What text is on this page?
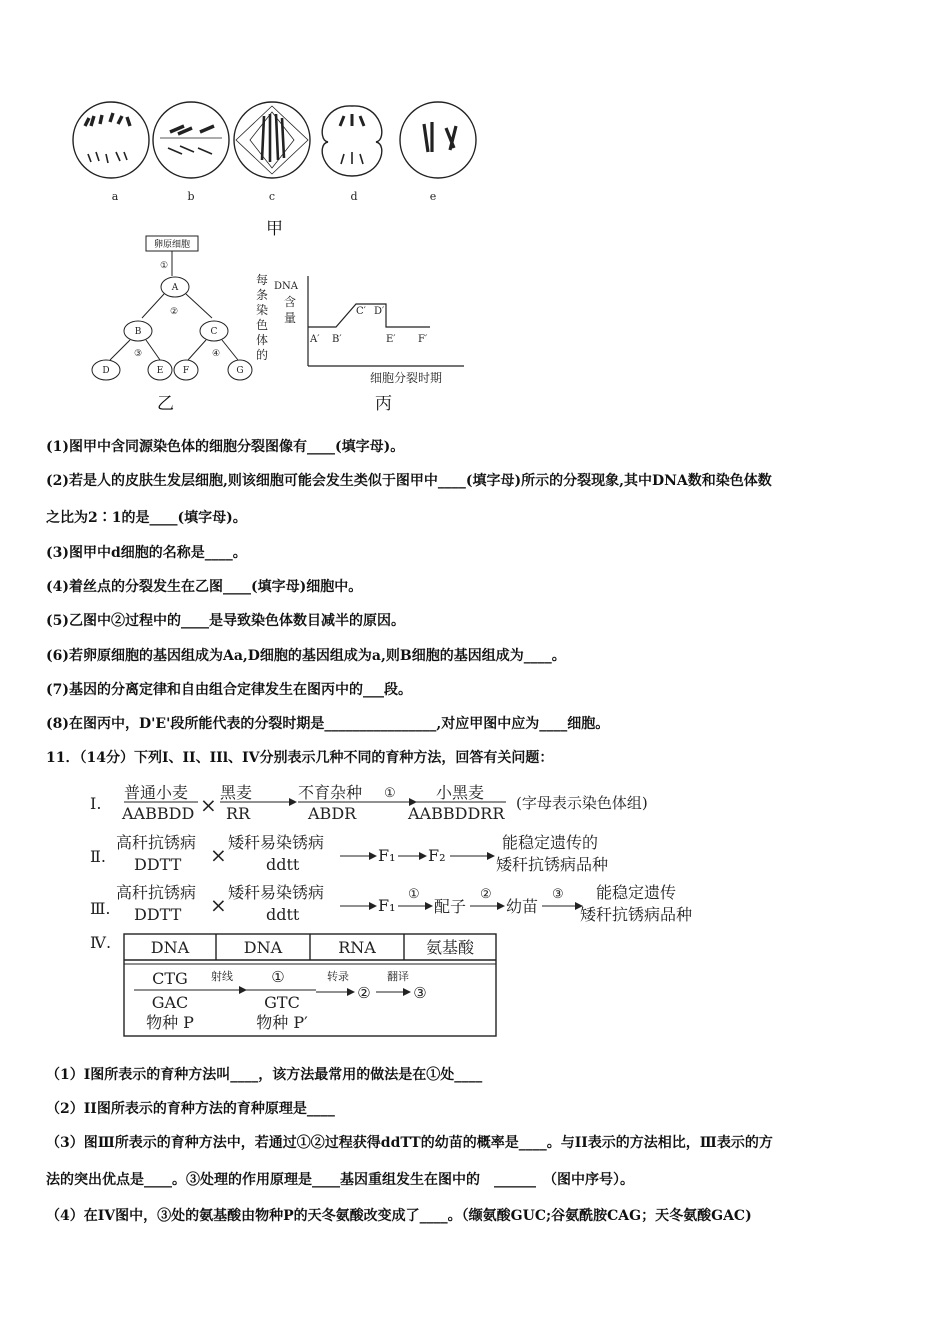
a	b	c	d	e
甲
卵原细胞
①
②
③	④
A
B	C
D	E F	G
乙
每
条
染
色
体
的
DNA
含
量
A′ B′
C′ D′
E′ F′
细胞分裂时期
丙
(1)图甲中含同源染色体的细胞分裂图像有____(填字母)。
(2)若是人的皮肤生发层细胞,则该细胞可能会发生类似于图甲中____(填字母)所示的分裂现象,其中DNA数和染色体数
之比为2∶1的是____(填字母)。
(3)图甲中d细胞的名称是____。
(4)着丝点的分裂发生在乙图____(填字母)细胞中。
(5)乙图中②过程中的____是导致染色体数目减半的原因。
(6)若卵原细胞的基因组成为Aa,D细胞的基因组成为a,则B细胞的基因组成为____。
(7)基因的分离定律和自由组合定律发生在图丙中的___段。
(8)在图丙中，D'E'段所能代表的分裂时期是________________,对应甲图中应为____细胞。
11．（14分）下列I、II、IIl、IV分别表示几种不同的育种方法，回答有关问题：
Ⅰ.
普通小麦
AABBDD ×
黑麦
RR
不育杂种
ABDR
①	小黑麦
AABBDDRR
(字母表示染色体组)
Ⅱ.
高秆抗锈病
DDTT ×
矮秆易染锈病
ddtt	F₁ F₂
能稳定遗传的
矮秆抗锈病品种
Ⅲ.
高秆抗锈病
DDTT ×
矮秆易染锈病
ddtt	F₁
①
配子
②
幼苗
③ 能稳定遗传
矮秆抗锈病品种
Ⅳ. DNA	DNA	RNA	氨基酸
CTG
GAC
物种 P
射线	①
GTC
物种 P′
转录
②
翻译
③
（1）I图所表示的育种方法叫____，该方法最常用的做法是在①处____
（2）II图所表示的育种方法的育种原理是____
（3）图Ⅲ所表示的育种方法中，若通过①②过程获得ddTT的幼苗的概率是____。与II表示的方法相比，Ⅲ表示的方
法的突出优点是____。③处理的作用原理是____基因重组发生在图中的　______　（图中序号）。
（4）在IV图中，③处的氨基酸由物种P的天冬氨酸改变成了____。（缬氨酸GUC;谷氨酰胺CAG；天冬氨酸GAC)
